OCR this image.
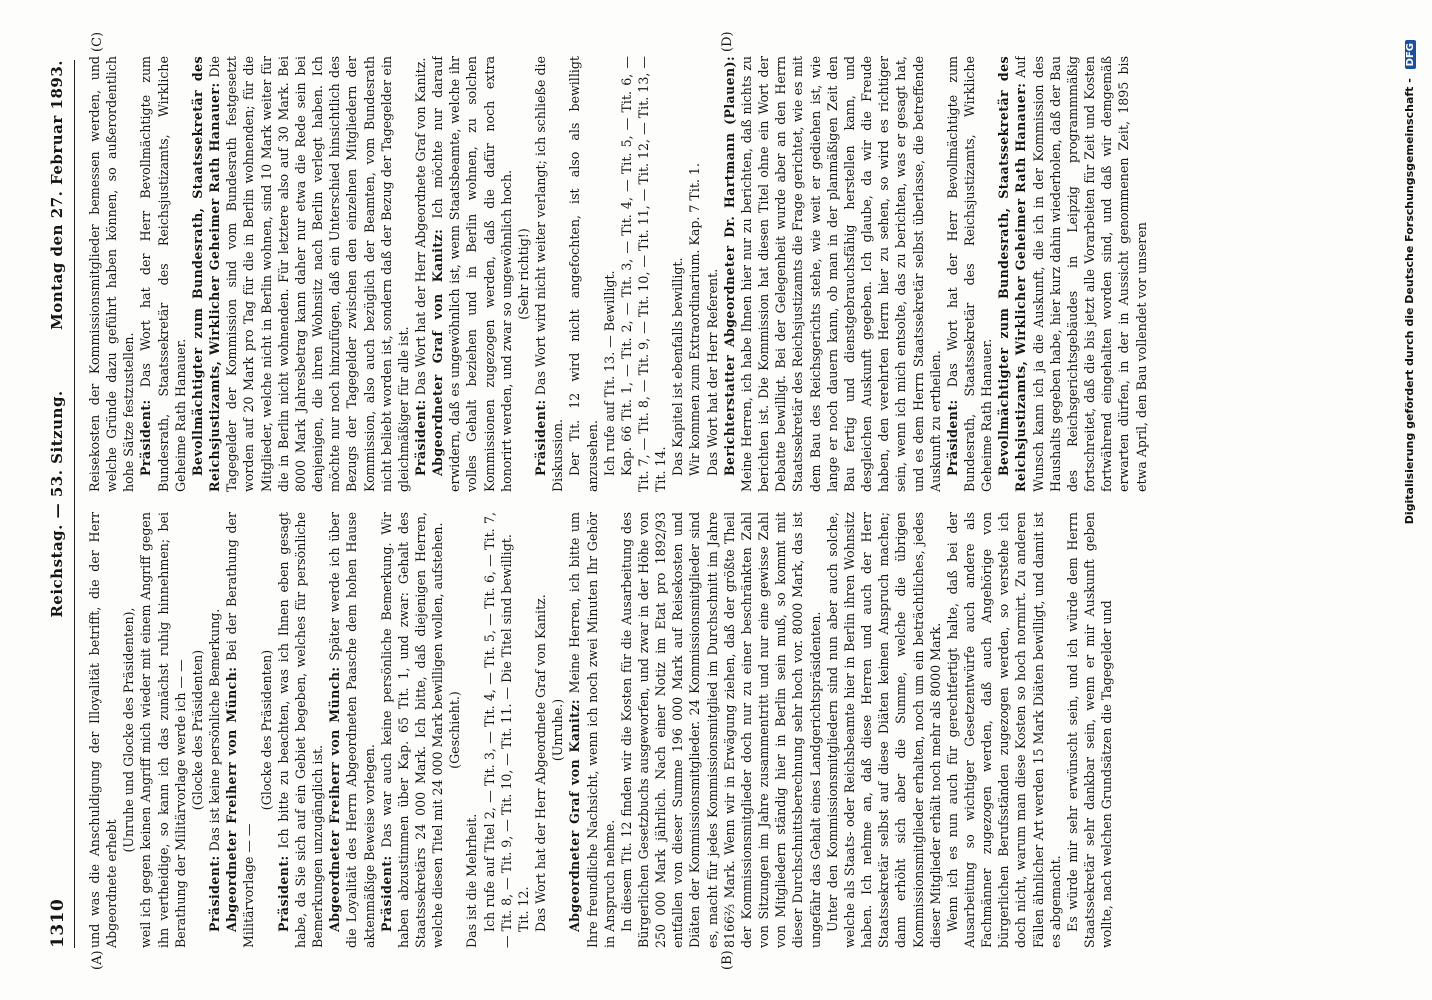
1310
Reichstag. — 53. Sitzung.
Montag den 27. Februar 1893.
(A)	(B)
(C)	(D)

und was die Anschuldigung der Illoyalität betrifft, die der Herr Abgeordnete erhebt

(Unruhe und Glocke des Präsidenten), weil ich gegen keinen Angriff mich wieder mit einem Angriff gegen ihn vertheidige, so kann ich das zunächst ruhig hinnehmen; bei Berathung der Militärvorlage werde ich — — (Glocke des Präsidenten)

Präsident: Das ist keine persönliche Bemerkung. Abgeordneter Freiherr von Münch: Bei der Berathung der Militärvorlage — —

(Glocke des Präsidenten)

Präsident: Ich bitte zu beachten, was ich Ihnen eben gesagt habe, da Sie sich auf ein Gebiet begeben, welches für persönliche Bemerkungen unzugänglich ist. Abgeordneter Freiherr von Münch: Später werde ich über die Loyalität des Herrn Abgeordneten Paasche dem hohen Hause aktenmäßige Beweise vorlegen. Präsident: Das war auch keine persönliche Bemerkung. Wir haben abzustimmen über Kap. 65 Tit. 1, und zwar: Gehalt des Staatssekretärs 24 000 Mark. Ich bitte, daß diejenigen Herren, welche diesen Titel mit 24 000 Mark bewilligen wollen, aufstehen. (Geschieht.)

Das ist die Mehrheit. Ich rufe auf Titel 2, — Tit. 3, — Tit. 4, — Tit. 5, — Tit. 6, — Tit. 7, — Tit. 8, — Tit. 9, — Tit. 10, — Tit. 11. — Die Titel sind bewilligt. Tit. 12. Das Wort hat der Herr Abgeordnete Graf von Kanitz. (Unruhe.) Abgeordneter Graf von Kanitz: Meine Herren, ich bitte um Ihre freundliche Nachsicht, wenn ich noch zwei Minuten Ihr Gehör in Anspruch nehme. In diesem Tit. 12 finden wir die Kosten für die Ausarbeitung des Bürgerlichen Gesetzbuchs ausgeworfen, und zwar in der Höhe von 250 000 Mark jährlich. Nach einer Notiz im Etat pro 1892/93 entfallen von dieser Summe 196 000 Mark auf Reisekosten und Diäten der Kommissionsmitglieder. 24 Kommissionsmitglieder sind es, macht für jedes Kommissionsmitglied im Durchschnitt im Jahre 8166⅔ Mark. Wenn wir in Erwägung ziehen, daß der größte Theil der Kommissionsmitglieder doch nur zu einer beschränkten Zahl von Sitzungen im Jahre zusammentritt und nur eine gewisse Zahl von Mitgliedern ständig hier in Berlin sein muß, so kommt mit dieser Durchschnittsberechnung sehr hoch vor. 8000 Mark, das ist ungefähr das Gehalt eines Landgerichtspräsidenten. Unter den Kommissionsmitgliedern sind nun aber auch solche, welche als Staats- oder Reichsbeamte hier in Berlin ihren Wohnsitz haben. Ich nehme an, daß diese Herren und auch der Herr Staatssekretär selbst auf diese Diäten keinen Anspruch machen; dann erhöht sich aber die Summe, welche die übrigen Kommissionsmitglieder erhalten, noch um ein beträchtliches, jedes dieser Mitglieder erhält noch mehr als 8000 Mark. Wenn ich es nun auch für gerechtfertigt halte, daß bei der Ausarbeitung so wichtiger Gesetzentwürfe auch andere als Fachmänner zugezogen werden, daß auch Angehörige von bürgerlichen Berufsständen zugezogen werden, so verstehe ich doch nicht, warum man diese Kosten so hoch normirt. Zu anderen Fällen ähnlicher Art werden 15 Mark Diäten bewilligt, und damit ist es abgemacht. Es würde mir sehr erwünscht sein, und ich würde dem Herrn Staatssekretär sehr dankbar sein, wenn er mir Auskunft geben wollte, nach welchen Grundsätzen die Tagegelder und

Reisekosten der Kommissionsmitglieder bemessen werden, und welche Gründe dazu geführt haben können, so außerordentlich hohe Sätze festzustellen. Präsident: Das Wort hat der Herr Bevollmächtigte zum Bundesrath, Staatssekretär des Reichsjustizamts, Wirkliche Geheime Rath Hanauer. Bevollmächtigter zum Bundesrath, Staatssekretär des Reichsjustizamts, Wirklicher Geheimer Rath Hanauer: Die Tagegelder der Kommission sind vom Bundesrath festgesetzt worden auf 20 Mark pro Tag für die in Berlin wohnenden; für die Mitglieder, welche nicht in Berlin wohnen, sind 10 Mark weiter für die in Berlin nicht wohnenden. Für letztere also auf 30 Mark. Bei 8000 Mark Jahresbetrag kann daher nur etwa die Rede sein bei denjenigen, die ihren Wohnsitz nach Berlin verlegt haben. Ich möchte nur noch hinzufügen, daß ein Unterschied hinsichtlich des Bezugs der Tagegelder zwischen den einzelnen Mitgliedern der Kommission, also auch bezüglich der Beamten, vom Bundesrath nicht beliebt worden ist, sondern daß der Bezug der Tagegelder ein gleichmäßiger für alle ist. Präsident: Das Wort hat der Herr Abgeordnete Graf von Kanitz. Abgeordneter Graf von Kanitz: Ich möchte nur darauf erwidern, daß es ungewöhnlich ist, wenn Staatsbeamte, welche ihr volles Gehalt beziehen und in Berlin wohnen, zu solchen Kommissionen zugezogen werden, daß die dafür noch extra honorirt werden, und zwar so ungewöhnlich hoch. (Sehr richtig!)

Präsident: Das Wort wird nicht weiter verlangt; ich schließe die Diskussion. Der Tit. 12 wird nicht angefochten, ist also als bewilligt anzusehen. Ich rufe auf Tit. 13. — Bewilligt. Kap. 66 Tit. 1, — Tit. 2, — Tit. 3, — Tit. 4, — Tit. 5, — Tit. 6, — Tit. 7, — Tit. 8, — Tit. 9, — Tit. 10, — Tit. 11, — Tit. 12, — Tit. 13, — Tit. 14. Das Kapitel ist ebenfalls bewilligt. Wir kommen zum Extraordinarium. Kap. 7 Tit. 1. Das Wort hat der Herr Referent. Berichterstatter Abgeordneter Dr. Hartmann (Plauen): Meine Herren, ich habe Ihnen hier nur zu berichten, daß nichts zu berichten ist. Die Kommission hat diesen Titel ohne ein Wort der Debatte bewilligt. Bei der Gelegenheit wurde aber an den Herrn Staatssekretär des Reichsjustizamts die Frage gerichtet, wie es mit dem Bau des Reichsgerichts stehe, wie weit er gediehen ist, wie lange er noch dauern kann, ob man in der planmäßigen Zeit den Bau fertig und dienstgebrauchsfähig herstellen kann, und desgleichen Auskunft gegeben. Ich glaube, da wir die Freude haben, den verehrten Herrn hier zu sehen, so wird es richtiger sein, wenn ich mich entsolte, das zu berichten, was er gesagt hat, und es dem Herrn Staatssekretär selbst überlasse, die betreffende Auskunft zu ertheilen. Präsident: Das Wort hat der Herr Bevollmächtigte zum Bundesrath, Staatssekretär des Reichsjustizamts, Wirkliche Geheime Rath Hanauer. Bevollmächtigter zum Bundesrath, Staatssekretär des Reichsjustizamts, Wirklicher Geheimer Rath Hanauer: Auf Wunsch kann ich ja die Auskunft, die ich in der Kommission des Haushalts gegeben habe, hier kurz dahin wiederholen, daß der Bau des Reichsgerichtsgebäudes in Leipzig programmmäßig fortschreitet, daß die bis jetzt alle Vorarbeiten für Zeit und Kosten fortwährend eingehalten worden sind, und daß wir demgemäß erwarten dürfen, in der in Aussicht genommenen Zeit, 1895 bis etwa April, den Bau vollendet vor unseren	Digitalisierung gefördert durch die Deutsche Forschungsgemeinschaft - DFG
